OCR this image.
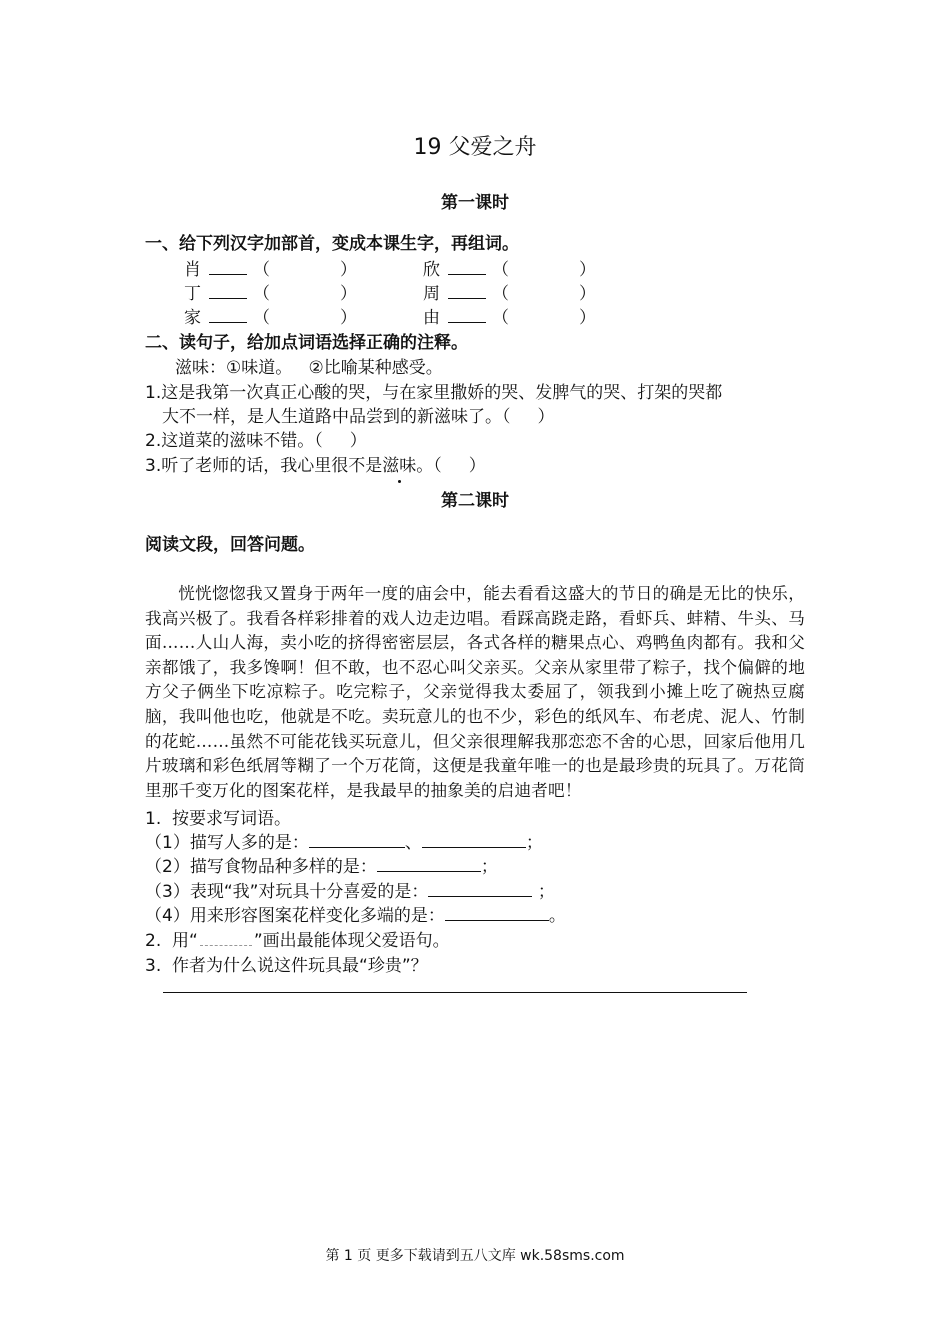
19 父爱之舟
第一课时
一、给下列汉字加部首，变成本课生字，再组词。
肖	（	）	欣	（	）
丁	（	）	周	（	）
家	（	）	由	（	）
二、读句子，给加点词语选择正确的注释。
滋味：①味道。   ②比喻某种感受。
1.这是我第一次真正心酸的哭，与在家里撒娇的哭、发脾气的哭、打架的哭都
大不一样，是人生道路中品尝到的新滋味了。（     ）
2.这道菜的滋味不错。（     ）
3.听了老师的话，我心里很不是滋味。（     ）
第二课时
阅读文段，回答问题。
恍恍惚惚我又置身于两年一度的庙会中，能去看看这盛大的节日的确是无比的快乐，我高兴极了。我看各样彩排着的戏人边走边唱。看踩高跷走路，看虾兵、蚌精、牛头、马面……人山人海，卖小吃的挤得密密层层，各式各样的糖果点心、鸡鸭鱼肉都有。我和父亲都饿了，我多馋啊！但不敢，也不忍心叫父亲买。父亲从家里带了粽子，找个偏僻的地方父子俩坐下吃凉粽子。吃完粽子，父亲觉得我太委屈了，领我到小摊上吃了碗热豆腐脑，我叫他也吃，他就是不吃。卖玩意儿的也不少，彩色的纸风车、布老虎、泥人、竹制的花蛇……虽然不可能花钱买玩意儿，但父亲很理解我那恋恋不舍的心思，回家后他用几片玻璃和彩色纸屑等糊了一个万花筒，这便是我童年唯一的也是最珍贵的玩具了。万花筒里那千变万化的图案花样，是我最早的抽象美的启迪者吧！
1.  按要求写词语。
（1）描写人多的是：	、	；
（2）描写食物品种多样的是：	；
（3）表现“我”对玩具十分喜爱的是：	；
（4）用来形容图案花样变化多端的是：	。
2.  用“	”画出最能体现父爱语句。
3.  作者为什么说这件玩具最“珍贵”？
第 1 页 更多下载请到五八文库 wk.58sms.com
